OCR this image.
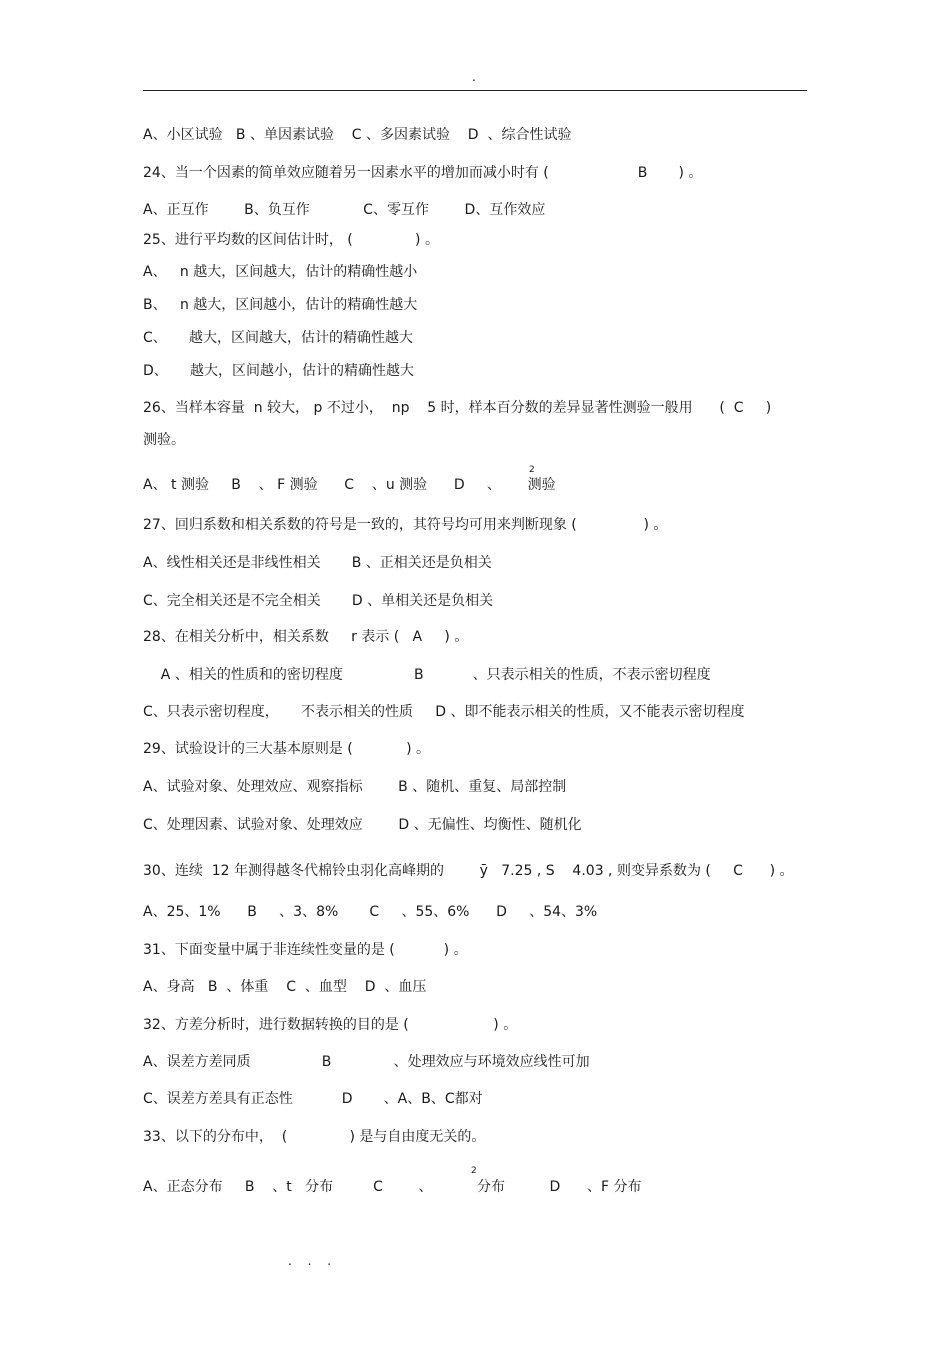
.
A、小区试验   B 、单因素试验    C 、多因素试验    D  、综合性试验
24、当一个因素的简单效应随着另一因素水平的增加而减小时有 (                    B       ) 。
A、正互作        B、负互作            C、零互作        D、互作效应
25、进行平均数的区间估计时， (              ) 。
A、   n 越大，区间越大，估计的精确性越小
B、   n 越大，区间越小，估计的精确性越大
C、     越大，区间越大，估计的精确性越大
D、     越大，区间越小，估计的精确性越大
26、当样本容量  n 较大， p 不过小，  np    5 时，样本百分数的差异显著性测验一般用      (  C     )
测验。
2
A、 t 测验     B    、 F 测验      C    、u 测验      D     、      测验
27、回归系数和相关系数的符号是一致的，其符号均可用来判断现象 (               ) 。
A、线性相关还是非线性相关       B 、正相关还是负相关
C、完全相关还是不完全相关       D 、单相关还是负相关
28、在相关分析中，相关系数     r 表示 (   A     ) 。
A 、相关的性质和的密切程度                B           、只表示相关的性质，不表示密切程度
C、只表示密切程度，     不表示相关的性质     D 、即不能表示相关的性质，又不能表示密切程度
29、试验设计的三大基本原则是 (            ) 。
A、试验对象、处理效应、观察指标        B 、随机、重复、局部控制
C、处理因素、试验对象、处理效应        D 、无偏性、均衡性、随机化
30、连续  12 年测得越冬代棉铃虫羽化高峰期的        ȳ   7.25 , S    4.03 , 则变异系数为 (     C      ) 。
A、25、1%      B     、3、8%       C     、55、6%      D     、54、3%
31、下面变量中属于非连续性变量的是 (           ) 。
A、身高   B  、体重    C  、血型    D  、血压
32、方差分析时，进行数据转换的目的是 (                   ) 。
A、误差方差同质                B              、处理效应与环境效应线性可加
C、误差方差具有正态性           D       、A、B、C都对
33、以下的分布中，  (              ) 是与自由度无关的。
2
A、正态分布     B    、t   分布         C        、          分布          D      、F 分布
. . .
